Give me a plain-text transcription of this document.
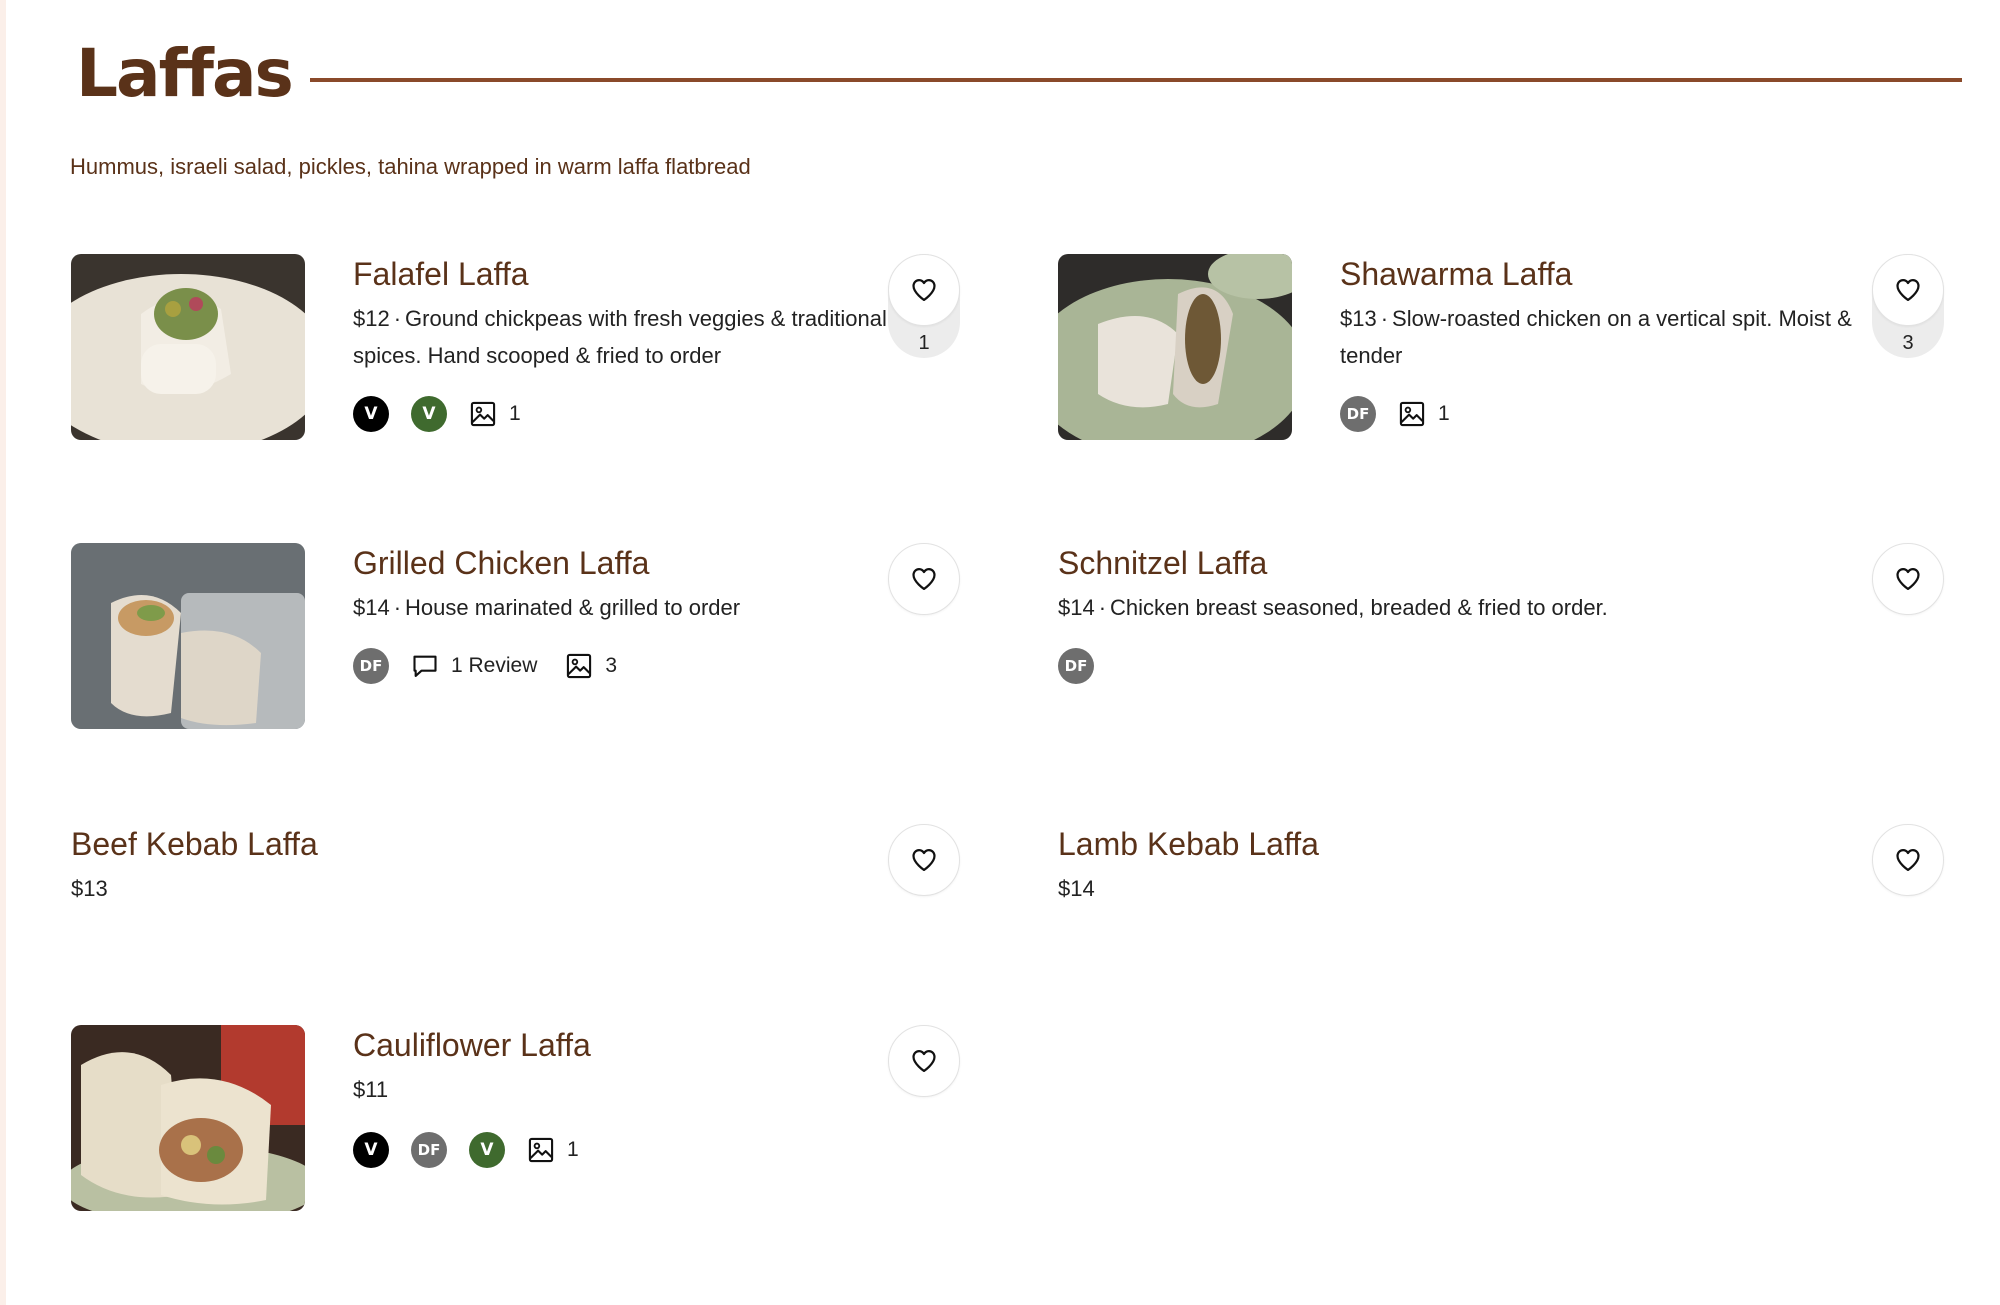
Laffas

Hummus, israeli salad, pickles, tahina wrapped in warm laffa flatbread

Falafel Laffa
$12 · Ground chickpeas with fresh veggies & traditional spices. Hand scooped & fried to order
V	V	1
1
Shawarma Laffa
$13 · Slow-roasted chicken on a vertical spit. Moist & tender
DF	1
3
Grilled Chicken Laffa
$14 · House marinated & grilled to order
DF	1 Review	3
Schnitzel Laffa
$14 · Chicken breast seasoned, breaded & fried to order.
DF
Beef Kebab Laffa
$13
Lamb Kebab Laffa
$14
Cauliflower Laffa
$11
V	DF	V	1
